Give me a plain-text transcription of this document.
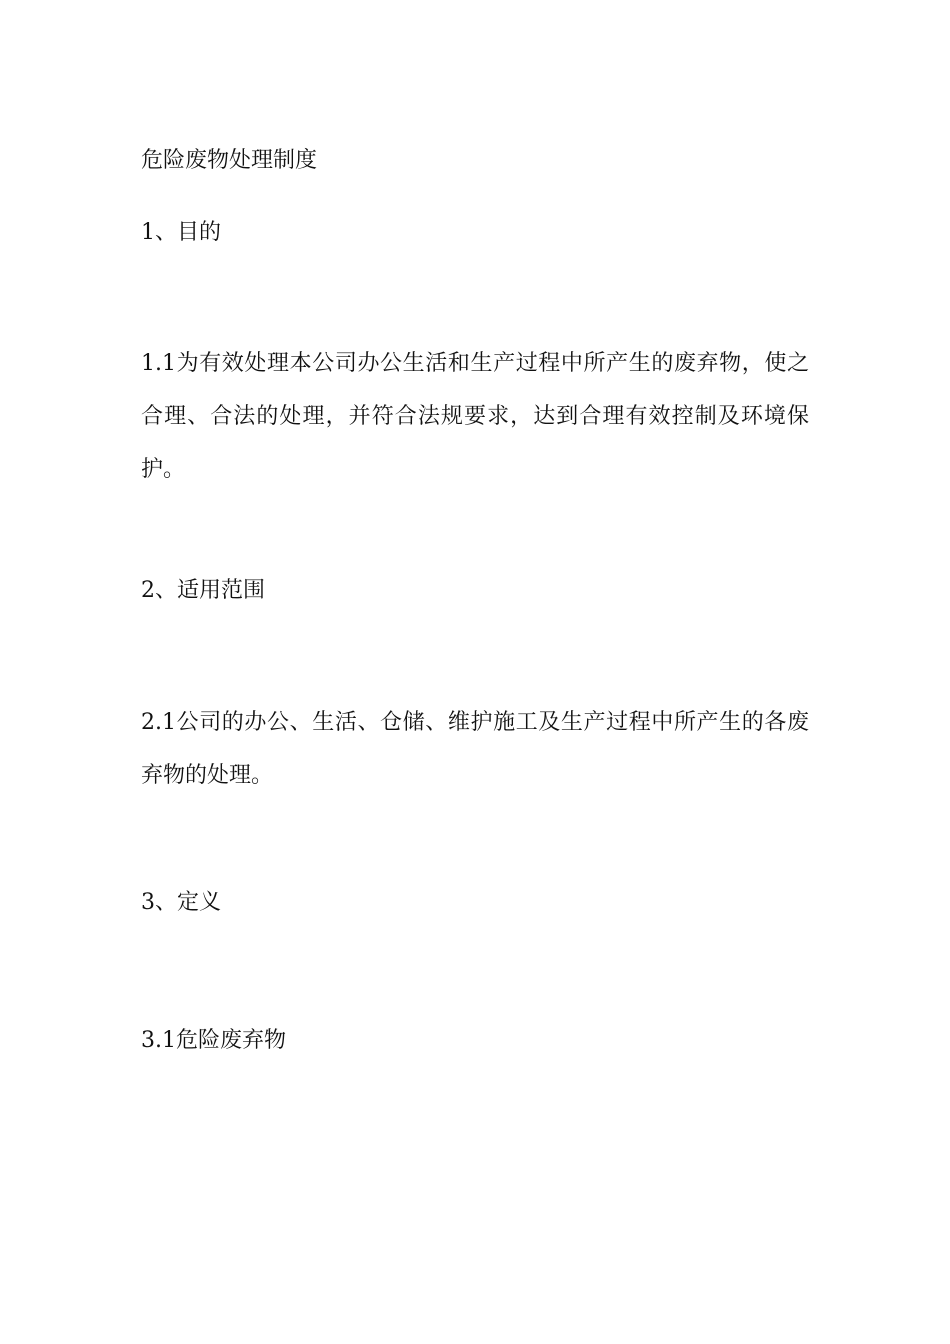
危险废物处理制度
1、目的
1.1为有效处理本公司办公生活和生产过程中所产生的废弃物，使之合理、合法的处理，并符合法规要求，达到合理有效控制及环境保护。
2、适用范围
2.1公司的办公、生活、仓储、维护施工及生产过程中所产生的各废弃物的处理。
3、定义
3.1危险废弃物
